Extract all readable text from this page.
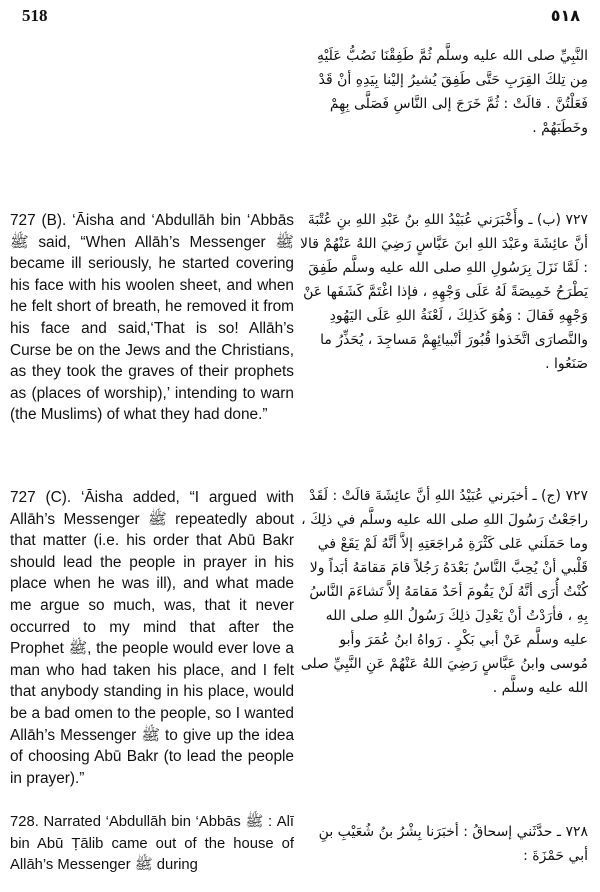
518	٥١٨
727 (B). ‘Āisha and ‘Abdullāh bin ‘Abbās ﷺ said, “When Allāh’s Messenger ﷺ became ill seriously, he started covering his face with his woolen sheet, and when he felt short of breath, he removed it from his face and said,‘That is so! Allāh’s Curse be on the Jews and the Christians, as they took the graves of their prophets as (places of worship),’ intending to warn (the Muslims) of what they had done.”
727 (C). ‘Āisha added, “I argued with Allāh’s Messenger ﷺ repeatedly about that matter (i.e. his order that Abū Bakr should lead the people in prayer in his place when he was ill), and what made me argue so much, was, that it never occurred to my mind that after the Prophet ﷺ, the people would ever love a man who had taken his place, and I felt that anybody standing in his place, would be a bad omen to the people, so I wanted Allāh’s Messenger ﷺ to give up the idea of choosing Abū Bakr (to lead the people in prayer).”
728. Narrated ‘Abdullāh bin ‘Abbās ﷺ : Alī bin Abū Ṭālib came out of the house of Allāh’s Messenger ﷺ during
النَّبِيِّ صلى الله عليه وسلَّم ثُمَّ طَفِقْنَا نَصُبُّ عَلَيْهِ مِن تِلكَ القِرَبِ حَتَّى طَفِقَ يُشيرُ إليْنا بِيَدِهِ أنْ قَدْ فَعَلْتُنَّ . قالَتْ : ثُمَّ خَرَجَ إلى النَّاسِ فَصَلَّى بِهِمْ وخَطَبَهُمْ .
٧٢٧ (ب) ـ وأَخْبَرَني عُبَيْدُ اللهِ بنُ عَبْدِ اللهِ بنِ عُتْبَةَ أنَّ عائِشَةَ وعَبْدَ اللهِ ابنَ عَبَّاسٍ رَضِيَ اللهُ عَنْهُمْ قالا : لَمَّا نَزَلَ بِرَسُولِ اللهِ صلى الله عليه وسلَّم طَفِقَ يَطْرَحُ خَمِيصَةً لَهُ عَلَى وَجْهِهِ ، فإذا اغْتَمَّ كَشَفَها عَنْ وَجْهِهِ فَقالَ : وَهُوَ كَذلِكَ ، لَعْنَةُ اللهِ عَلَى اليَهُودِ والنَّصارَى اتَّخَذوا قُبُورَ أنْبيائِهِمْ مَساجِدَ ، يُحَذِّرُ ما صَنَعُوا .
٧٢٧ (ج) ـ أخبَرني عُبَيْدُ اللهِ أنَّ عائِشَةَ قالَتْ : لَقَدْ راجَعْتُ رَسُولَ اللهِ صلى الله عليه وسلَّم في ذلِكَ ، وما حَمَلَني عَلى كَثْرَةِ مُراجَعَتِهِ إلاَّ أنَّهُ لَمْ يَقَعْ في قَلْبي أنْ يُحِبَّ النَّاسُ بَعْدَهُ رَجُلاً قامَ مَقامَهُ أبَداً ولا كُنْتُ أُرَى أنَّهُ لَنْ يَقُومَ أحَدٌ مَقامَهُ إلاَّ تَشاءَمَ النَّاسُ بِهِ ، فأرَدْتُ أنْ يَعْدِلَ ذلِكَ رَسُولُ اللهِ صلى الله عليه وسلَّم عَنْ أبي بَكْرٍ . رَواهُ ابنُ عُمَرَ وأبو مُوسى وابنُ عَبَّاسٍ رَضِيَ اللهُ عَنْهُمْ عَنِ النَّبِيِّ صلى الله عليه وسلَّم .
٧٢٨ ـ حدَّثَني إسحاقُ : أخبَرَنا بِشْرُ بنُ شُعَيْبِ بنِ أبي حَمْزَةَ :
